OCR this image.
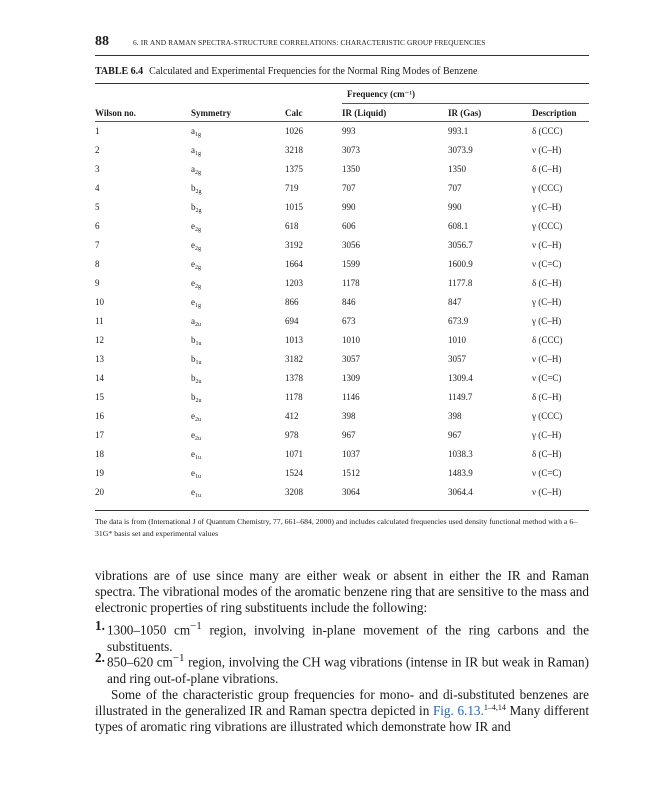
88	6. IR AND RAMAN SPECTRA-STRUCTURE CORRELATIONS: CHARACTERISTIC GROUP FREQUENCIES
TABLE 6.4 Calculated and Experimental Frequencies for the Normal Ring Modes of Benzene
Frequency (cm⁻¹)
Wilson no.	Symmetry	Calc	IR (Liquid)	IR (Gas)	Description
1	$a_{1g}$	1026	993	993.1	δ (CCC)
2	$a_{1g}$	3218	3073	3073.9	ν (C–H)
3	$a_{2g}$	1375	1350	1350	δ (C–H)
4	$b_{2g}$	719	707	707	γ (CCC)
5	$b_{2g}$	1015	990	990	γ (C–H)
6	$e_{2g}$	618	606	608.1	γ (CCC)
7	$e_{2g}$	3192	3056	3056.7	ν (C–H)
8	$e_{2g}$	1664	1599	1600.9	ν (C=C)
9	$e_{2g}$	1203	1178	1177.8	δ (C–H)
10	$e_{1g}$	866	846	847	γ (C–H)
11	$a_{2u}$	694	673	673.9	γ (C–H)
12	$b_{1u}$	1013	1010	1010	δ (CCC)
13	$b_{1u}$	3182	3057	3057	ν (C–H)
14	$b_{2u}$	1378	1309	1309.4	ν (C=C)
15	$b_{2u}$	1178	1146	1149.7	δ (C–H)
16	$e_{2u}$	412	398	398	γ (CCC)
17	$e_{2u}$	978	967	967	γ (C–H)
18	$e_{1u}$	1071	1037	1038.3	δ (C–H)
19	$e_{1u}$	1524	1512	1483.9	ν (C=C)
20	$e_{1u}$	3208	3064	3064.4	ν (C–H)
The data is from (International J of Quantum Chemistry, 77, 661–684, 2000) and includes calculated frequencies used density functional method with a 6–31G* basis set and experimental values
vibrations are of use since many are either weak or absent in either the IR and Raman spectra. The vibrational modes of the aromatic benzene ring that are sensitive to the mass and electronic properties of ring substituents include the following:
1. 1300–1050 $cm^{-1}$ region, involving in-plane movement of the ring carbons and the substituents.
2. 850–620 $cm^{-1}$ region, involving the CH wag vibrations (intense in IR but weak in Raman) and ring out-of-plane vibrations.
Some of the characteristic group frequencies for mono- and di-substituted benzenes are illustrated in the generalized IR and Raman spectra depicted in Fig. 6.13.$^{1-4,14}$ Many different types of aromatic ring vibrations are illustrated which demonstrate how IR and
